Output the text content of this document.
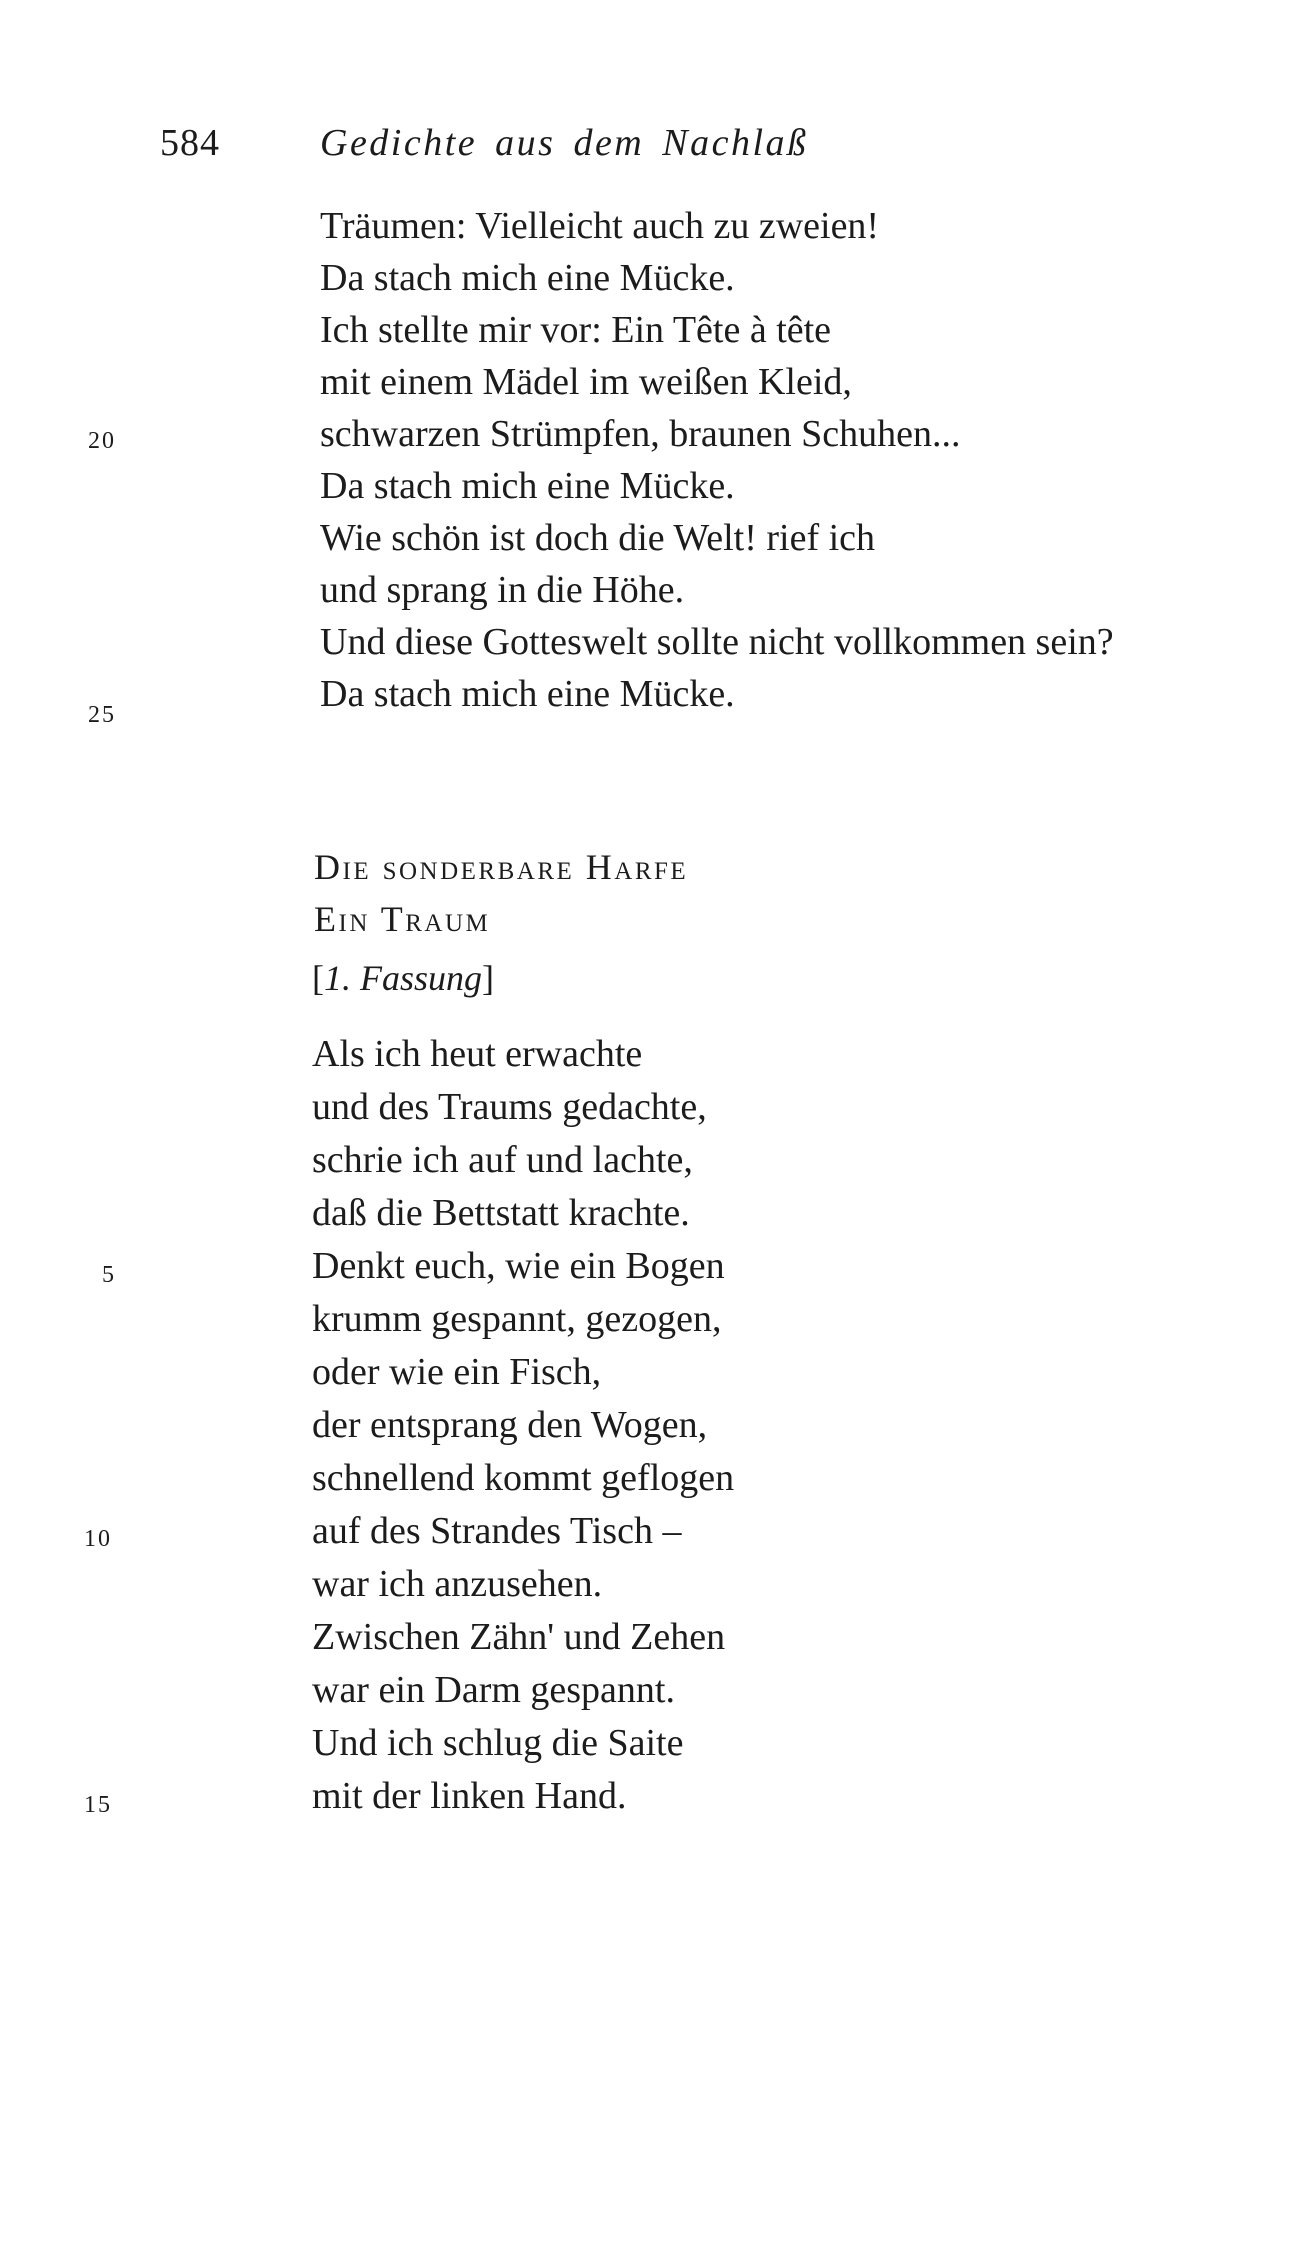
584	Gedichte aus dem Nachlaß
Träumen: Vielleicht auch zu zweien!
Da stach mich eine Mücke.
Ich stellte mir vor: Ein Tête à tête
mit einem Mädel im weißen Kleid,
schwarzen Strümpfen, braunen Schuhen...
Da stach mich eine Mücke.
Wie schön ist doch die Welt! rief ich
und sprang in die Höhe.
Und diese Gotteswelt sollte nicht vollkommen sein?
Da stach mich eine Mücke.
20
25
Die sonderbare Harfe
Ein Traum
[1. Fassung]
Als ich heut erwachte
und des Traums gedachte,
schrie ich auf und lachte,
daß die Bettstatt krachte.
Denkt euch, wie ein Bogen
krumm gespannt, gezogen,
oder wie ein Fisch,
der entsprang den Wogen,
schnellend kommt geflogen
auf des Strandes Tisch –
war ich anzusehen.
Zwischen Zähn' und Zehen
war ein Darm gespannt.
Und ich schlug die Saite
mit der linken Hand.
5
10
15
